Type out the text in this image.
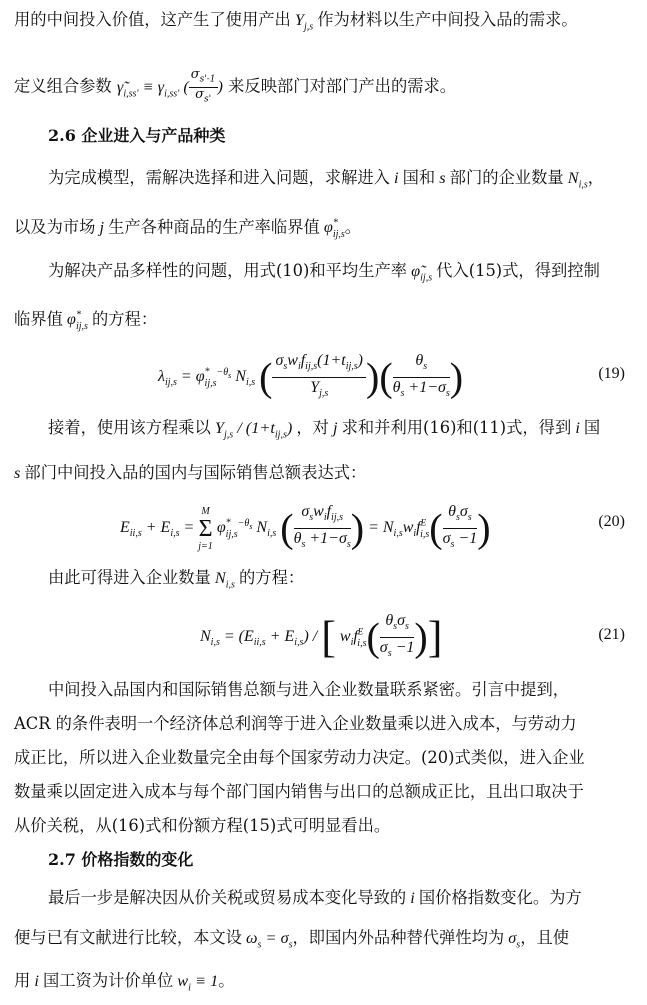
用的中间投入价值，这产生了使用产出 $Y_{j,s}$ 作为材料以生产中间投入品的需求。
定义组合参数 $\gammã_{i,ss'} \equiv \gamma_{i,ss'}$ ( $\frac{\sigma_{s'-1}}{\sigma_{s'}}$ ) 来反映部门对部门产出的需求。
2.6 企业进入与产品种类
为完成模型，需解决选择和进入问题，求解进入 i 国和 s 部门的企业数量 $N_{i,s}$，
以及为市场 j 生产各种商品的生产率临界值 $\varphi^*_{ij,s}$。
为解决产品多样性的问题，用式(10)和平均生产率 $\varphĩ_{ij,s}$ 代入(15)式，得到控制
临界值 $\varphi^*_{ij,s}$ 的方程：
$\lambda_{ij,s} = \varphi^*_{ij,s}^{-\theta_s}$ $N_{i,s}$ ( $\sigma_sw_if_{ij,s}(1+t_{ij,s})$
$Y_{j,s}$ )( $\frac{\theta_s}{\theta_s +1-\sigma_s}$ )	(19)
接着，使用该方程乘以 $Y_{j,s} / (1+t_{ij,s})$ ，对 j 求和并利用(16)和(11)式，得到 i 国
s 部门中间投入品的国内与国际销售总额表达式：
$E_{ii,s} + E_{i,s}$ =
M
Σ
j=1
$\varphi^*_{ij,s}^{-\theta_s}$ $N_{i,s}$ ( $\sigma_sw_if_{ij,s}$
$\theta_s +1-\sigma_s$ ) = $N_{i,s}w_if^E_{i,s}$( $\theta_s\sigma_s$
$\sigma_s -1$ )	(20)
由此可得进入企业数量 $N_{i,s}$ 的方程：
$N_{i,s} = (E_{ii,s} + E_{i,s})$ / [ $w_if^E_{i,s}$( $\theta_s\sigma_s$
$\sigma_s -1$ )]	(21)
中间投入品国内和国际销售总额与进入企业数量联系紧密。引言中提到，
ACR 的条件表明一个经济体总利润等于进入企业数量乘以进入成本，与劳动力
成正比，所以进入企业数量完全由每个国家劳动力决定。(20)式类似，进入企业
数量乘以固定进入成本与每个部门国内销售与出口的总额成正比，且出口取决于
从价关税，从(16)式和份额方程(15)式可明显看出。
2.7 价格指数的变化
最后一步是解决因从价关税或贸易成本变化导致的 i 国价格指数变化。为方
便与已有文献进行比较，本文设 $\omega_s = \sigma_s$，即国内外品种替代弹性均为 $\sigma_s$，且使
用 i 国工资为计价单位 $w_i \equiv 1$。
